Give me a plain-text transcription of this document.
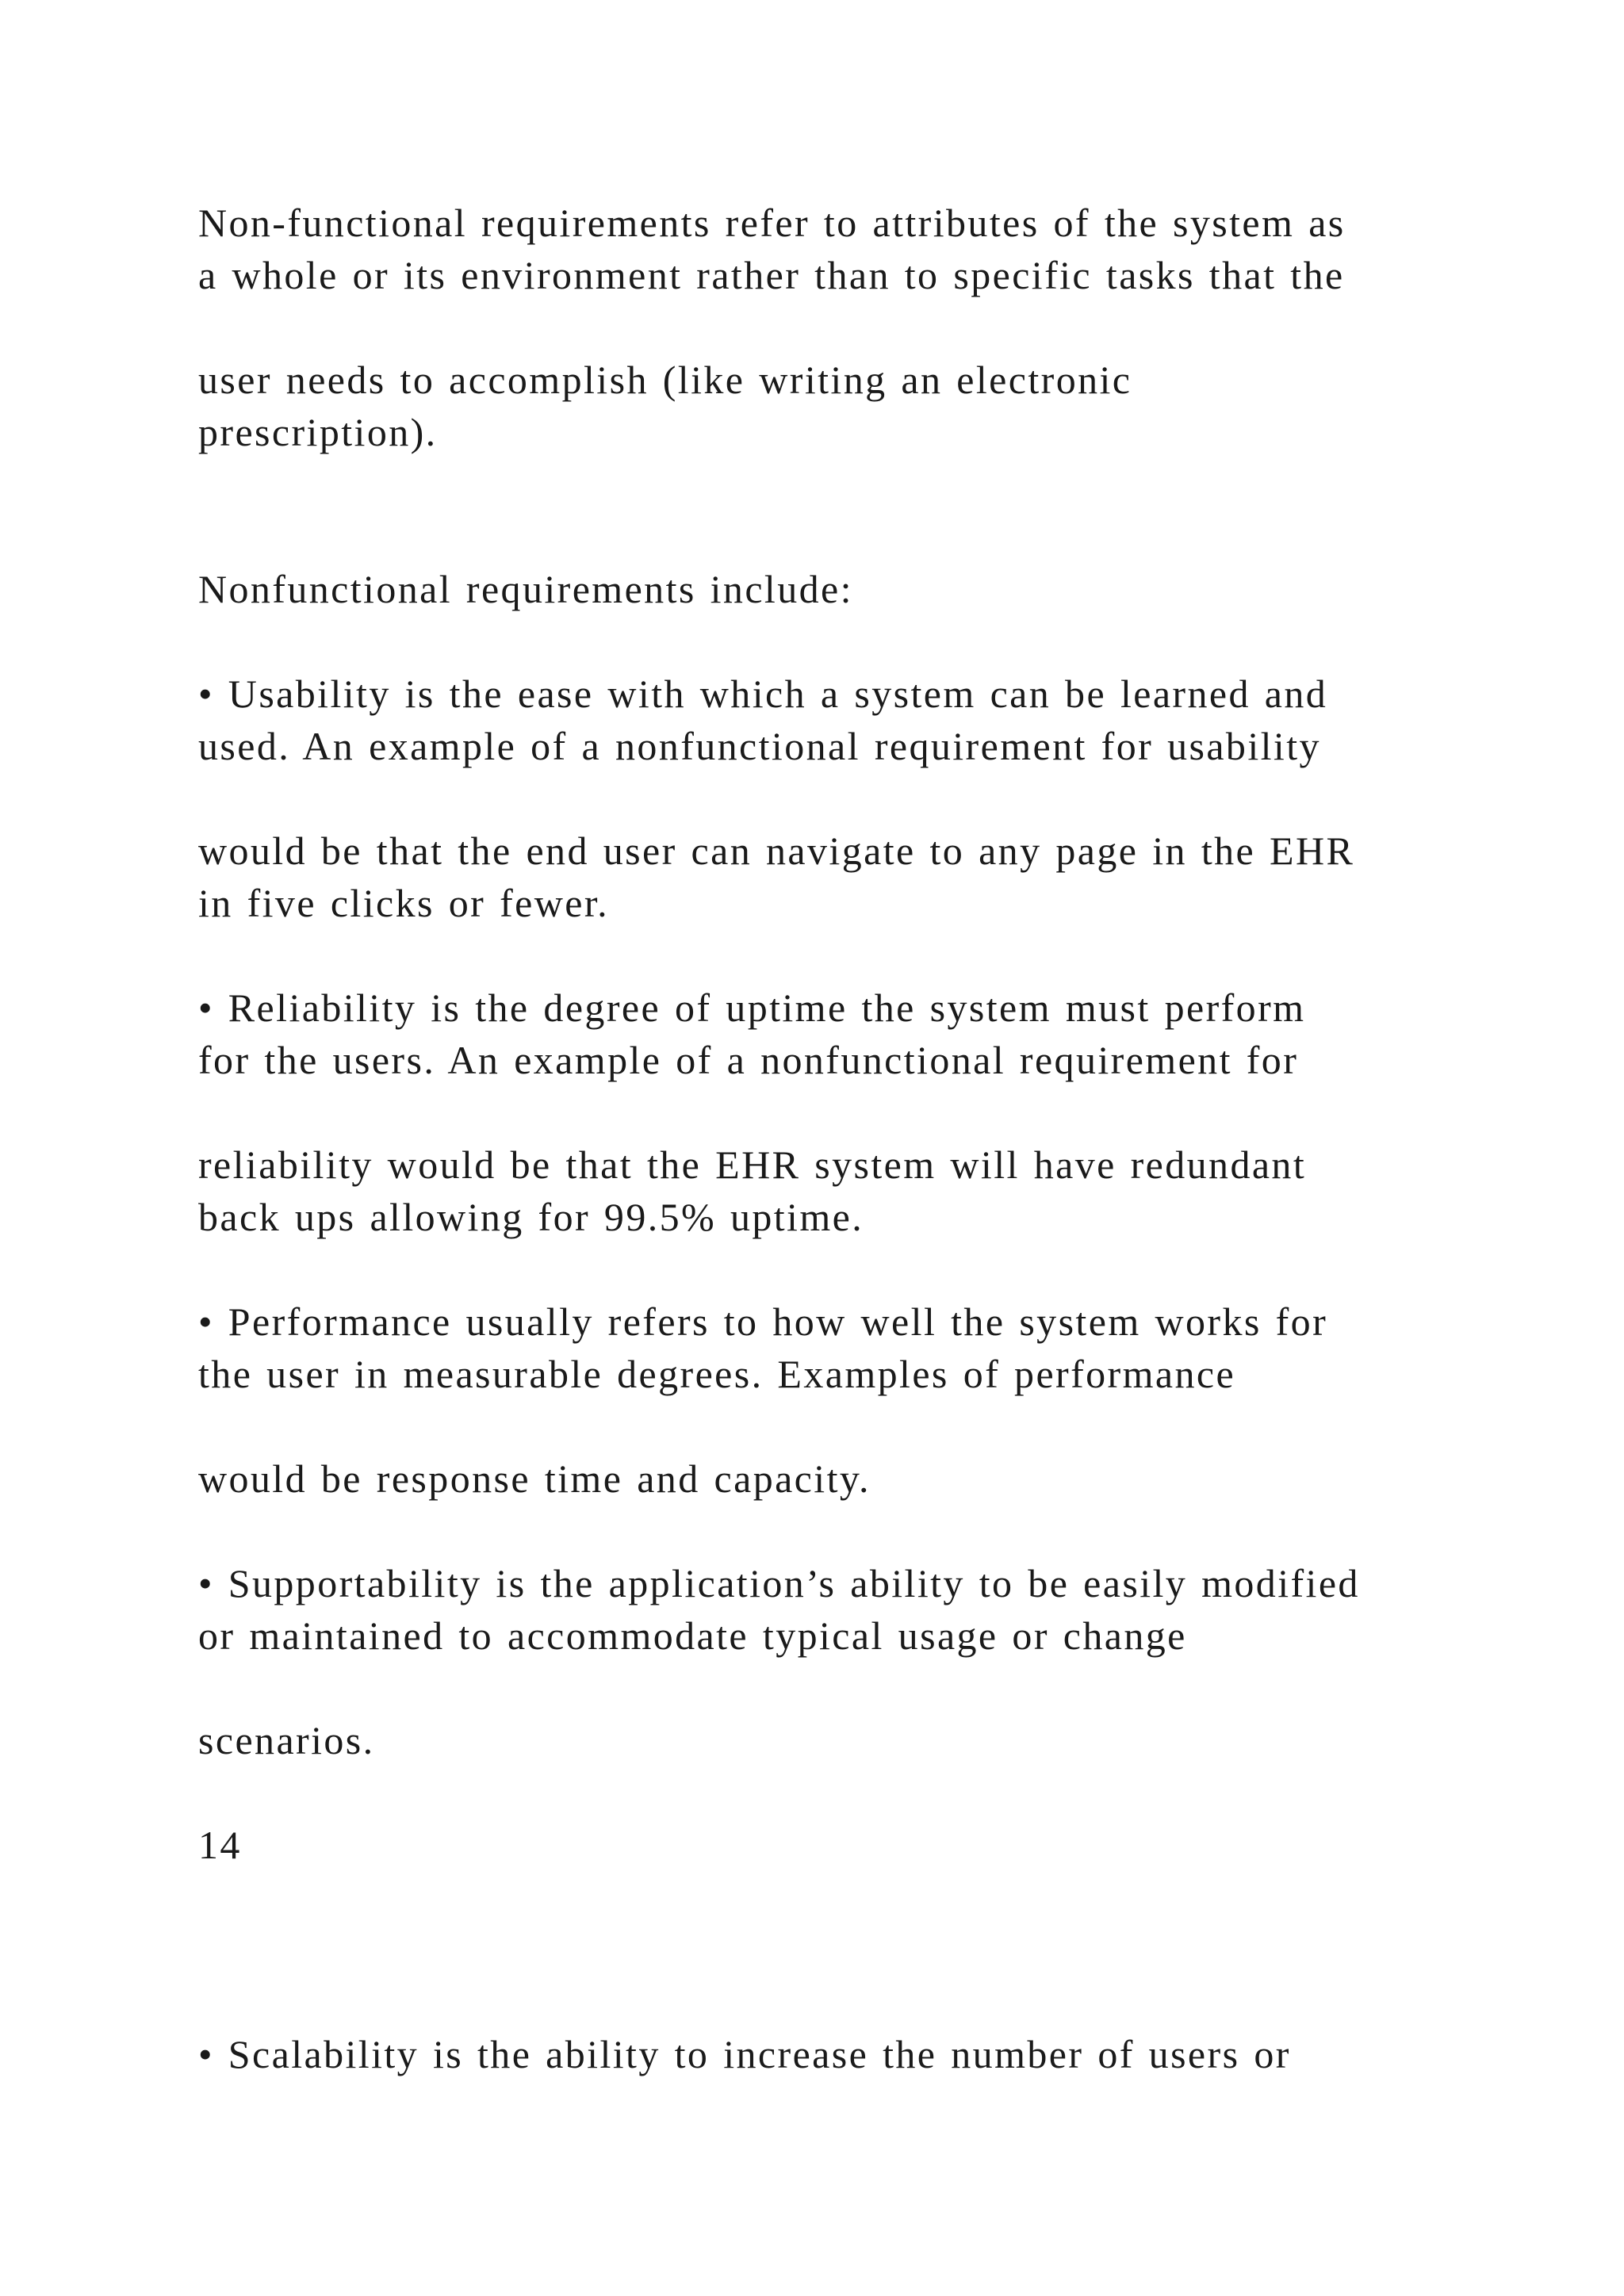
Non-functional requirements refer to attributes of the system as

a whole or its environment rather than to specific tasks that the

user needs to accomplish (like writing an electronic

prescription).

Nonfunctional requirements include:

• Usability is the ease with which a system can be learned and

used. An example of a nonfunctional requirement for usability

would be that the end user can navigate to any page in the EHR

in five clicks or fewer.

• Reliability is the degree of uptime the system must perform

for the users. An example of a nonfunctional requirement for

reliability would be that the EHR system will have redundant

back ups allowing for 99.5% uptime.

• Performance usually refers to how well the system works for

the user in measurable degrees. Examples of performance

would be response time and capacity.

• Supportability is the application’s ability to be easily modified

or maintained to accommodate typical usage or change

scenarios.

14

• Scalability is the ability to increase the number of users or
